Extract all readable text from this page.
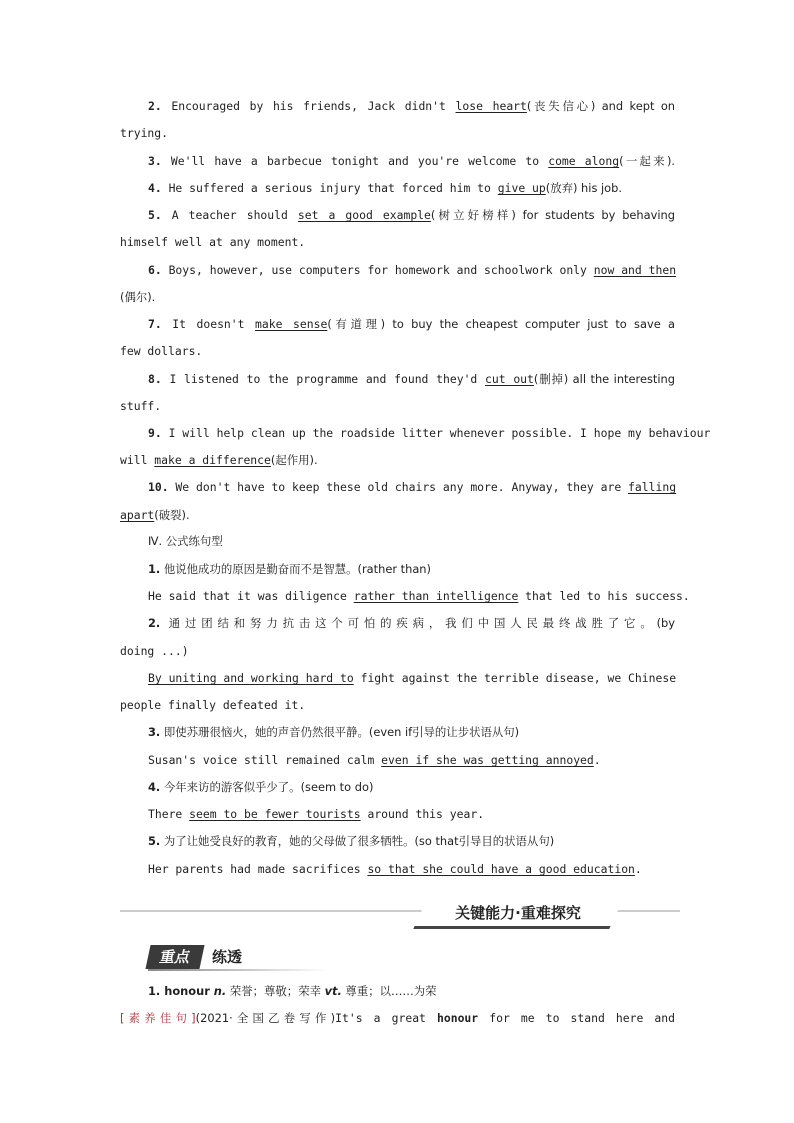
2. Encouraged by his friends, Jack didn't lose heart(丧失信心) and kept on
trying.
3. We'll have a barbecue tonight and you're welcome to come along(一起来).
4. He suffered a serious injury that forced him to give up(放弃) his job.
5. A teacher should set a good example(树立好榜样) for students by behaving
himself well at any moment.
6. Boys, however, use computers for homework and schoolwork only now and then
(偶尔).
7. It doesn't make sense(有道理) to buy the cheapest computer just to save a
few dollars.
8. I listened to the programme and found they'd cut out(删掉) all the interesting
stuff.
9. I will help clean up the roadside litter whenever possible. I hope my behaviour
will make a difference(起作用).
10. We don't have to keep these old chairs any more. Anyway, they are falling
apart(破裂).
Ⅳ. 公式练句型
1. 他说他成功的原因是勤奋而不是智慧。(rather than)
He said that it was diligence rather than intelligence that led to his success.
2. 通过团结和努力抗击这个可怕的疾病，我们中国人民最终战胜了它。(by
doing ...)
By uniting and working hard to fight against the terrible disease, we Chinese
people finally defeated it.
3. 即使苏珊很恼火，她的声音仍然很平静。(even if引导的让步状语从句)
Susan's voice still remained calm even if she was getting annoyed.
4. 今年来访的游客似乎少了。(seem to do)
There seem to be fewer tourists around this year.
5. 为了让她受良好的教育，她的父母做了很多牺牲。(so that引导目的状语从句)
Her parents had made sacrifices so that she could have a good education.
关键能力·重难探究
重点 练透
1. honour n. 荣誉；尊敬；荣幸 vt. 尊重；以……为荣
[素养佳句](2021·全国乙卷写作)It's a great honour for me to stand here and
